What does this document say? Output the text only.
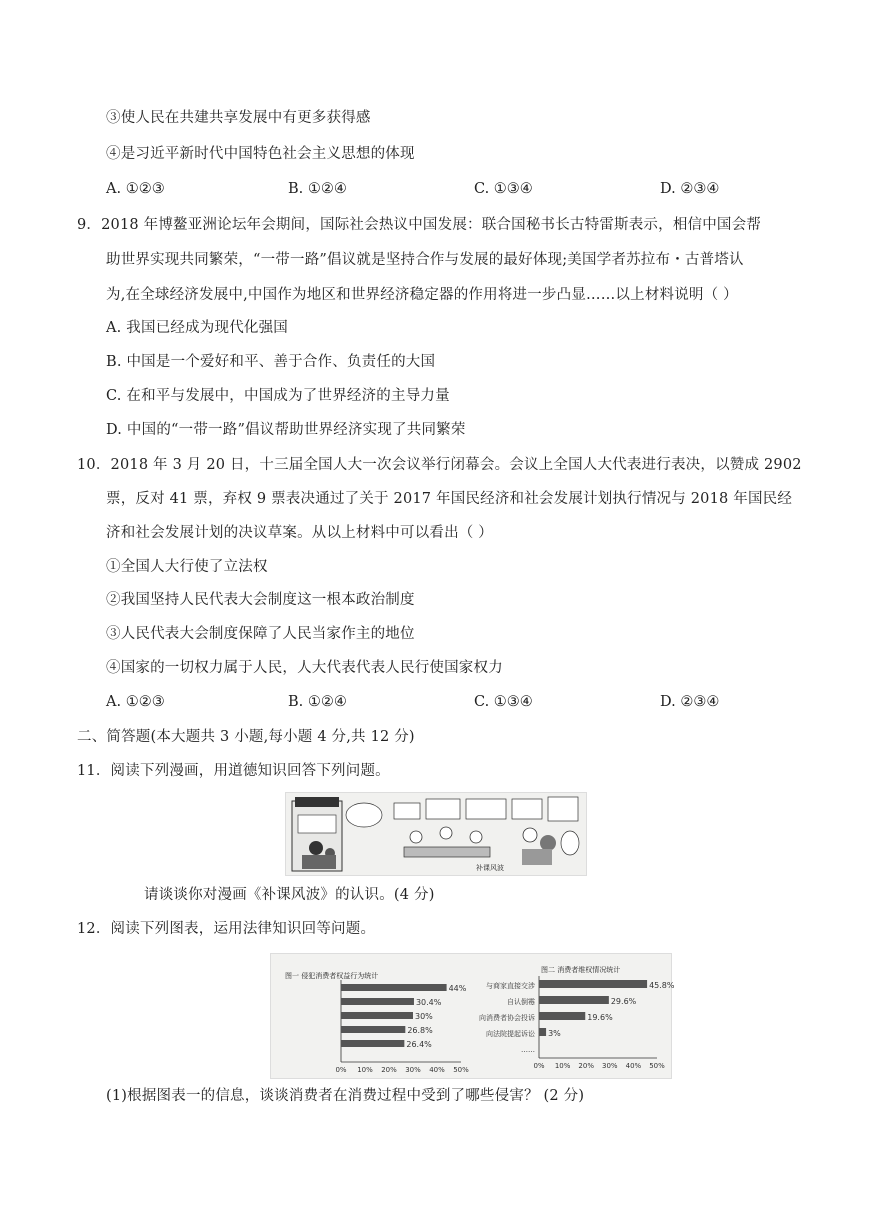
③使人民在共建共享发展中有更多获得感
④是习近平新时代中国特色社会主义思想的体现
A. ①②③	B. ①②④	C. ①③④	D. ②③④
9．2018 年博鳌亚洲论坛年会期间，国际社会热议中国发展：联合国秘书长古特雷斯表示，相信中国会帮
助世界实现共同繁荣，“一带一路”倡议就是坚持合作与发展的最好体现;美国学者苏拉布・古普塔认
为,在全球经济发展中,中国作为地区和世界经济稳定器的作用将进一步凸显……以上材料说明（ ）
A. 我国已经成为现代化强国
B. 中国是一个爱好和平、善于合作、负责任的大国
C. 在和平与发展中，中国成为了世界经济的主导力量
D. 中国的“一带一路”倡议帮助世界经济实现了共同繁荣
10．2018 年 3 月 20 日，十三届全国人大一次会议举行闭幕会。会议上全国人大代表进行表决，以赞成 2902
票，反对 41 票，弃权 9 票表决通过了关于 2017 年国民经济和社会发展计划执行情况与 2018 年国民经
济和社会发展计划的决议草案。从以上材料中可以看出（ ）
①全国人大行使了立法权
②我国坚持人民代表大会制度这一根本政治制度
③人民代表大会制度保障了人民当家作主的地位
④国家的一切权力属于人民，人大代表代表人民行使国家权力
A. ①②③	B. ①②④	C. ①③④	D. ②③④
二、简答题(本大题共 3 小题,每小题 4 分,共 12 分)
11．阅读下列漫画，用道德知识回答下列问题。
补课风波
请谈谈你对漫画《补课风波》的认识。(4 分)
12．阅读下列图表，运用法律知识回等问题。
图一 侵犯消费者权益行为统计
图二 消费者维权情况统计
0% 10% 20% 30% 40% 50%
44%
30.4%
30%
26.8%
26.4%
0% 10% 20% 30% 40% 50%
与商家直接交涉
自认倒霉
向消费者协会投诉
向法院提起诉讼
……
45.8%
29.6%
19.6%
3%
(1)根据图表一的信息，谈谈消费者在消费过程中受到了哪些侵害？ (2 分)
